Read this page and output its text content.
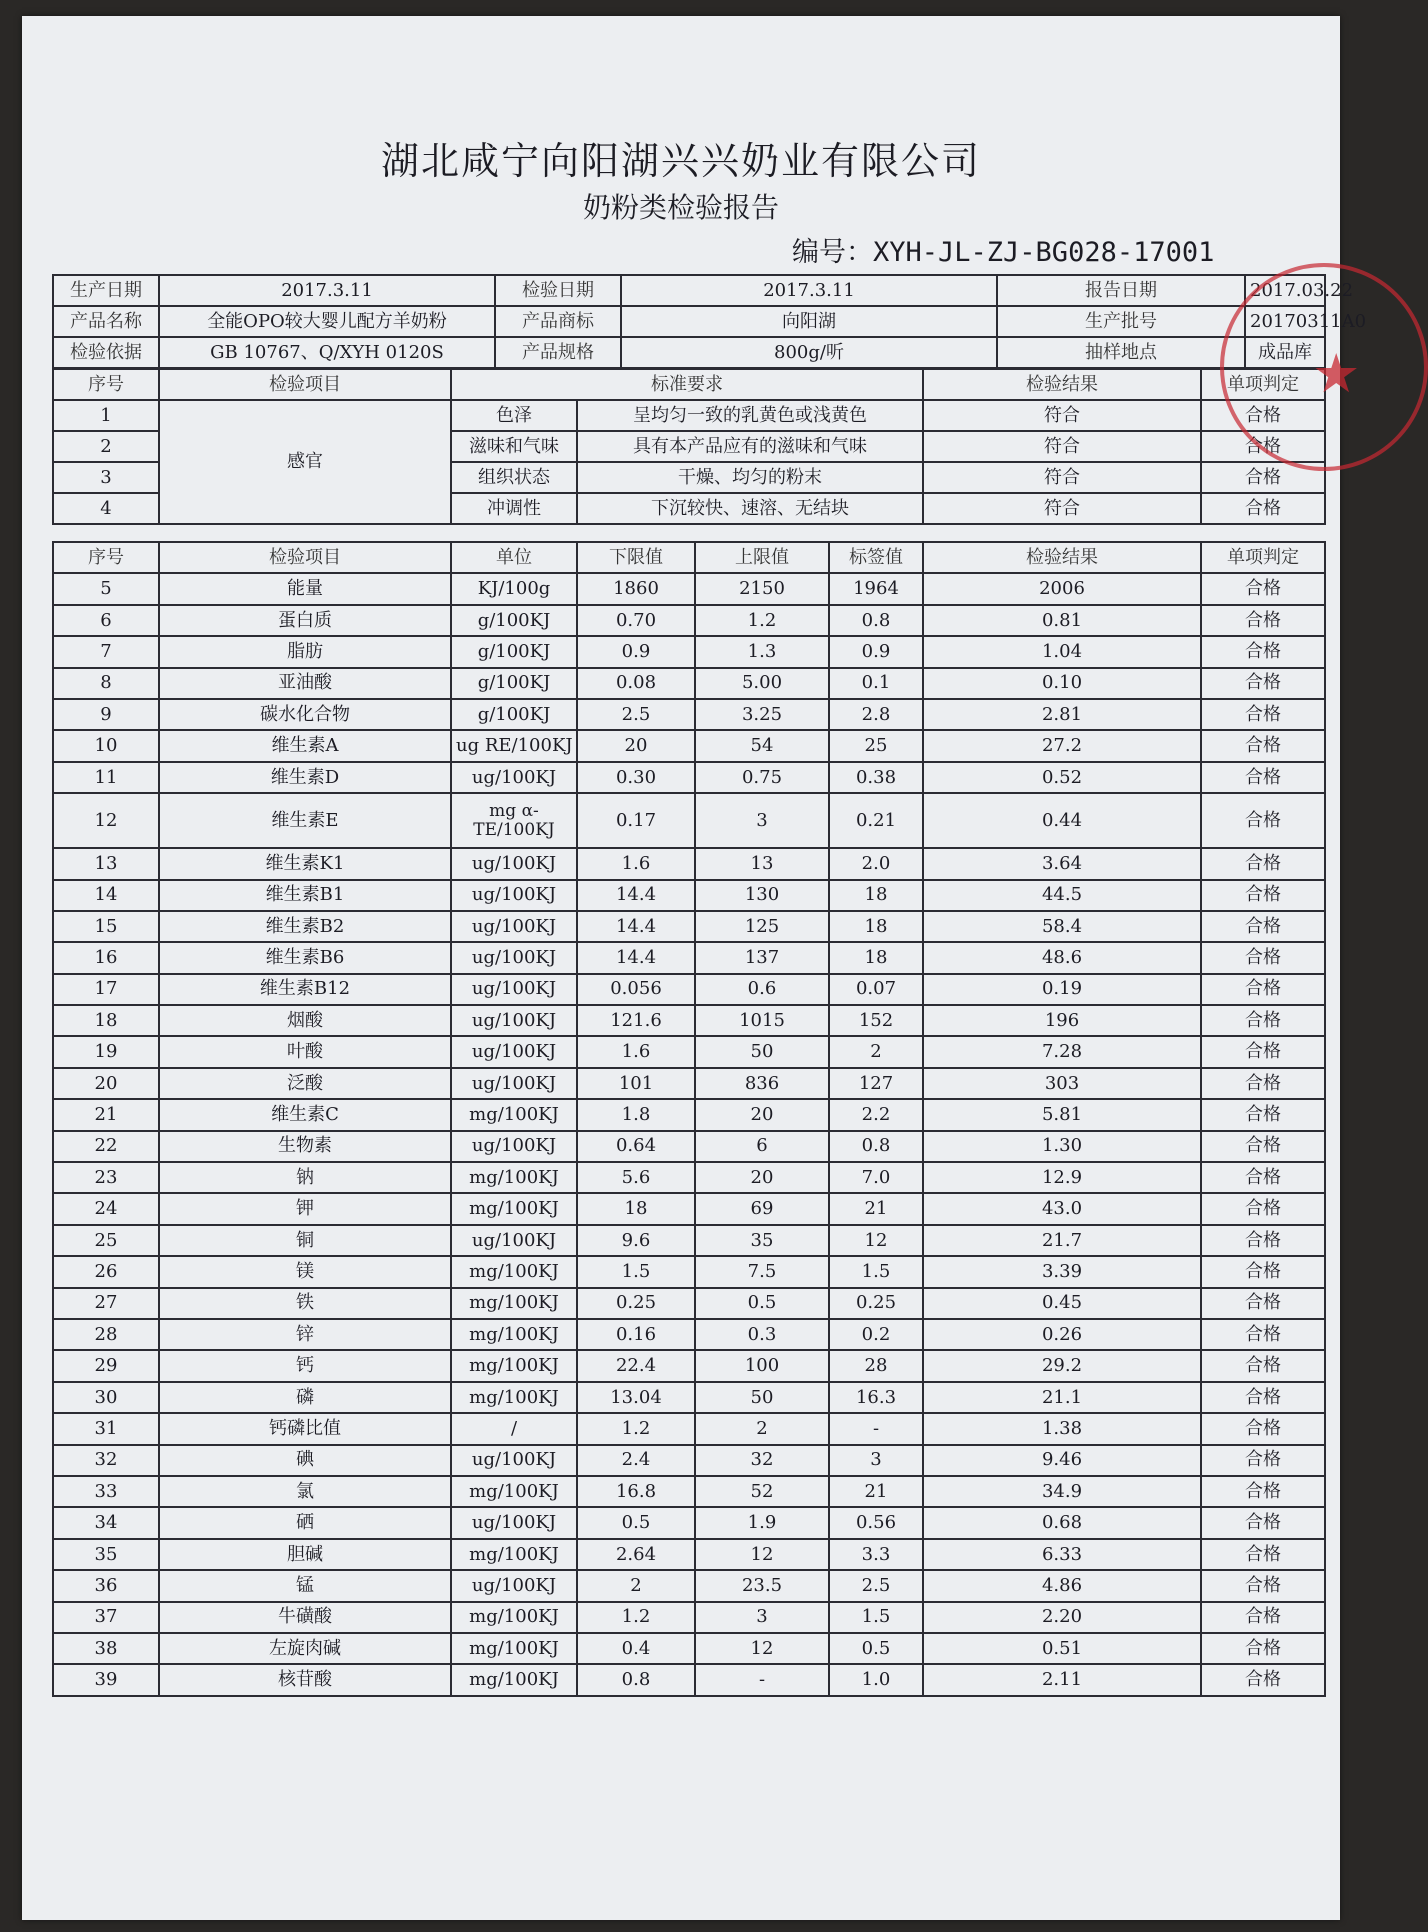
湖北咸宁向阳湖兴兴奶业有限公司
奶粉类检验报告
编号：XYH-JL-ZJ-BG028-17001
生产日期	2017.3.11	检验日期	2017.3.11	报告日期	2017.03.22
产品名称	全能OPO较大婴儿配方羊奶粉	产品商标	向阳湖	生产批号	20170311A0
检验依据	GB 10767、Q/XYH 0120S	产品规格	800g/听	抽样地点	成品库
序号	检验项目	标准要求		检验结果	单项判定
1	感官	色泽	呈均匀一致的乳黄色或浅黄色	符合	合格
2		滋味和气味	具有本产品应有的滋味和气味	符合	合格
3		组织状态	干燥、均匀的粉末	符合	合格
4		冲调性	下沉较快、速溶、无结块	符合	合格
序号	检验项目	单位	下限值	上限值	标签值	检验结果	单项判定
5	能量	KJ/100g	1860	2150	1964	2006	合格
6	蛋白质	g/100KJ	0.70	1.2	0.8	0.81	合格
7	脂肪	g/100KJ	0.9	1.3	0.9	1.04	合格
8	亚油酸	g/100KJ	0.08	5.00	0.1	0.10	合格
9	碳水化合物	g/100KJ	2.5	3.25	2.8	2.81	合格
10	维生素A	ug RE/100KJ	20	54	25	27.2	合格
11	维生素D	ug/100KJ	0.30	0.75	0.38	0.52	合格
12	维生素E	mg α-TE/100KJ	0.17	3	0.21	0.44	合格
13	维生素K1	ug/100KJ	1.6	13	2.0	3.64	合格
14	维生素B1	ug/100KJ	14.4	130	18	44.5	合格
15	维生素B2	ug/100KJ	14.4	125	18	58.4	合格
16	维生素B6	ug/100KJ	14.4	137	18	48.6	合格
17	维生素B12	ug/100KJ	0.056	0.6	0.07	0.19	合格
18	烟酸	ug/100KJ	121.6	1015	152	196	合格
19	叶酸	ug/100KJ	1.6	50	2	7.28	合格
20	泛酸	ug/100KJ	101	836	127	303	合格
21	维生素C	mg/100KJ	1.8	20	2.2	5.81	合格
22	生物素	ug/100KJ	0.64	6	0.8	1.30	合格
23	钠	mg/100KJ	5.6	20	7.0	12.9	合格
24	钾	mg/100KJ	18	69	21	43.0	合格
25	铜	ug/100KJ	9.6	35	12	21.7	合格
26	镁	mg/100KJ	1.5	7.5	1.5	3.39	合格
27	铁	mg/100KJ	0.25	0.5	0.25	0.45	合格
28	锌	mg/100KJ	0.16	0.3	0.2	0.26	合格
29	钙	mg/100KJ	22.4	100	28	29.2	合格
30	磷	mg/100KJ	13.04	50	16.3	21.1	合格
31	钙磷比值	/	1.2	2	-	1.38	合格
32	碘	ug/100KJ	2.4	32	3	9.46	合格
33	氯	mg/100KJ	16.8	52	21	34.9	合格
34	硒	ug/100KJ	0.5	1.9	0.56	0.68	合格
35	胆碱	mg/100KJ	2.64	12	3.3	6.33	合格
36	锰	ug/100KJ	2	23.5	2.5	4.86	合格
37	牛磺酸	mg/100KJ	1.2	3	1.5	2.20	合格
38	左旋肉碱	mg/100KJ	0.4	12	0.5	0.51	合格
39	核苷酸	mg/100KJ	0.8	-	1.0	2.11	合格
★
